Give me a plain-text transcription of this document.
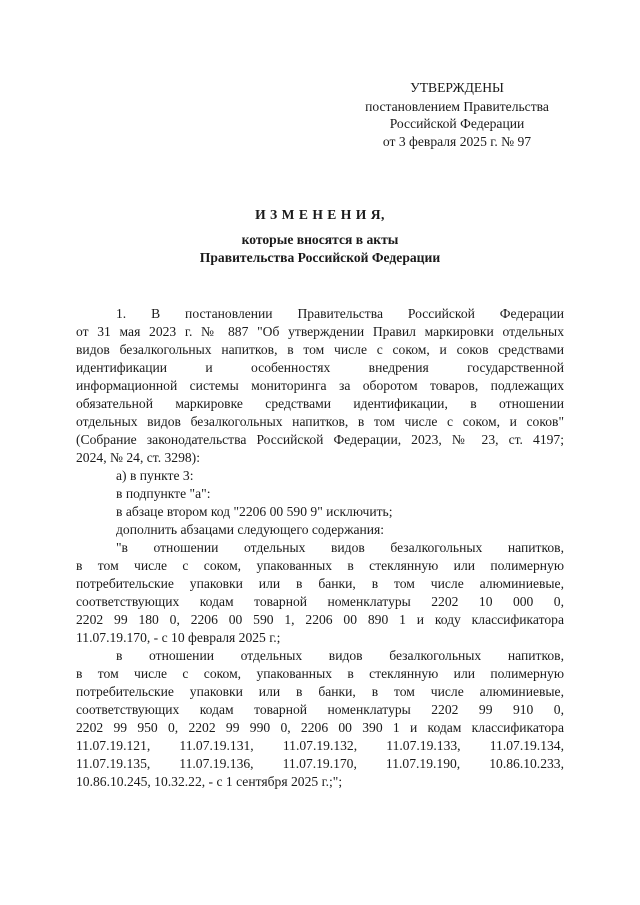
УТВЕРЖДЕНЫ
постановлением Правительства
Российской Федерации
от 3 февраля 2025 г. № 97
И З М Е Н Е Н И Я,
которые вносятся в акты
Правительства Российской Федерации
1. В постановлении Правительства Российской Федерации
от 31 мая 2023 г. № 887 "Об утверждении Правил маркировки отдельных
видов безалкогольных напитков, в том числе с соком, и соков средствами
идентификации и особенностях внедрения государственной
информационной системы мониторинга за оборотом товаров, подлежащих
обязательной маркировке средствами идентификации, в отношении
отдельных видов безалкогольных напитков, в том числе с соком, и соков"
(Собрание законодательства Российской Федерации, 2023, № 23, ст. 4197;
2024, № 24, ст. 3298):
а) в пункте 3:
в подпункте "а":
в абзаце втором код "2206 00 590 9" исключить;
дополнить абзацами следующего содержания:
"в отношении отдельных видов безалкогольных напитков,
в том числе с соком, упакованных в стеклянную или полимерную
потребительские упаковки или в банки, в том числе алюминиевые,
соответствующих кодам товарной номенклатуры 2202 10 000 0,
2202 99 180 0, 2206 00 590 1, 2206 00 890 1 и коду классификатора
11.07.19.170, - с 10 февраля 2025 г.;
в отношении отдельных видов безалкогольных напитков,
в том числе с соком, упакованных в стеклянную или полимерную
потребительские упаковки или в банки, в том числе алюминиевые,
соответствующих кодам товарной номенклатуры 2202 99 910 0,
2202 99 950 0, 2202 99 990 0, 2206 00 390 1 и кодам классификатора
11.07.19.121, 11.07.19.131, 11.07.19.132, 11.07.19.133, 11.07.19.134,
11.07.19.135, 11.07.19.136, 11.07.19.170, 11.07.19.190, 10.86.10.233,
10.86.10.245, 10.32.22, - с 1 сентября 2025 г.;";
